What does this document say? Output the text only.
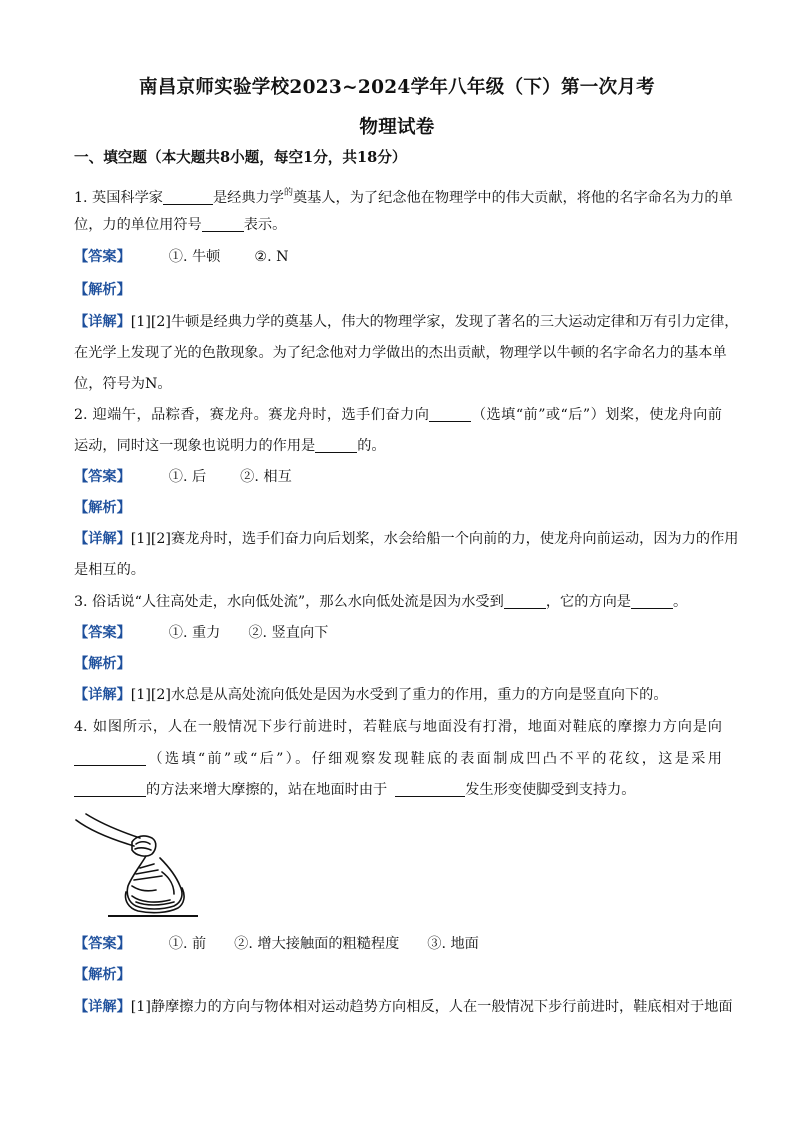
南昌京师实验学校2023~2024学年八年级（下）第一次月考
物理试卷
一、填空题（本大题共8小题，每空1分，共18分）
1. 英国科学家	是经典力学$^的$奠基人，为了纪念他在物理学中的伟大贡献，将他的名字命名为力的单
位，力的单位用符号	表示。
【答案】	①. 牛顿 ②. N
【解析】
【详解】[1][2]牛顿是经典力学的奠基人，伟大的物理学家，发现了著名的三大运动定律和万有引力定律，
在光学上发现了光的色散现象。为了纪念他对力学做出的杰出贡献，物理学以牛顿的名字命名力的基本单
位，符号为N。
2. 迎端午，品粽香，赛龙舟。赛龙舟时，选手们奋力向	（选填“前”或“后”）划桨，使龙舟向前
运动，同时这一现象也说明力的作用是	的。
【答案】	①. 后 ②. 相互
【解析】
【详解】[1][2]赛龙舟时，选手们奋力向后划桨，水会给船一个向前的力，使龙舟向前运动，因为力的作用
是相互的。
3. 俗话说“人往高处走，水向低处流”，那么水向低处流是因为水受到	，它的方向是	。
【答案】	①. 重力 ②. 竖直向下
【解析】
【详解】[1][2]水总是从高处流向低处是因为水受到了重力的作用，重力的方向是竖直向下的。
4. 如图所示，人在一般情况下步行前进时，若鞋底与地面没有打滑，地面对鞋底的摩擦力方向是向
（选填“前”或“后”）。仔细观察发现鞋底的表面制成凹凸不平的花纹，这是采用
的方法来增大摩擦的，站在地面时由于	发生形变使脚受到支持力。
【答案】	①. 前 ②. 增大接触面的粗糙程度 ③. 地面
【解析】
【详解】[1]静摩擦力的方向与物体相对运动趋势方向相反，人在一般情况下步行前进时，鞋底相对于地面
